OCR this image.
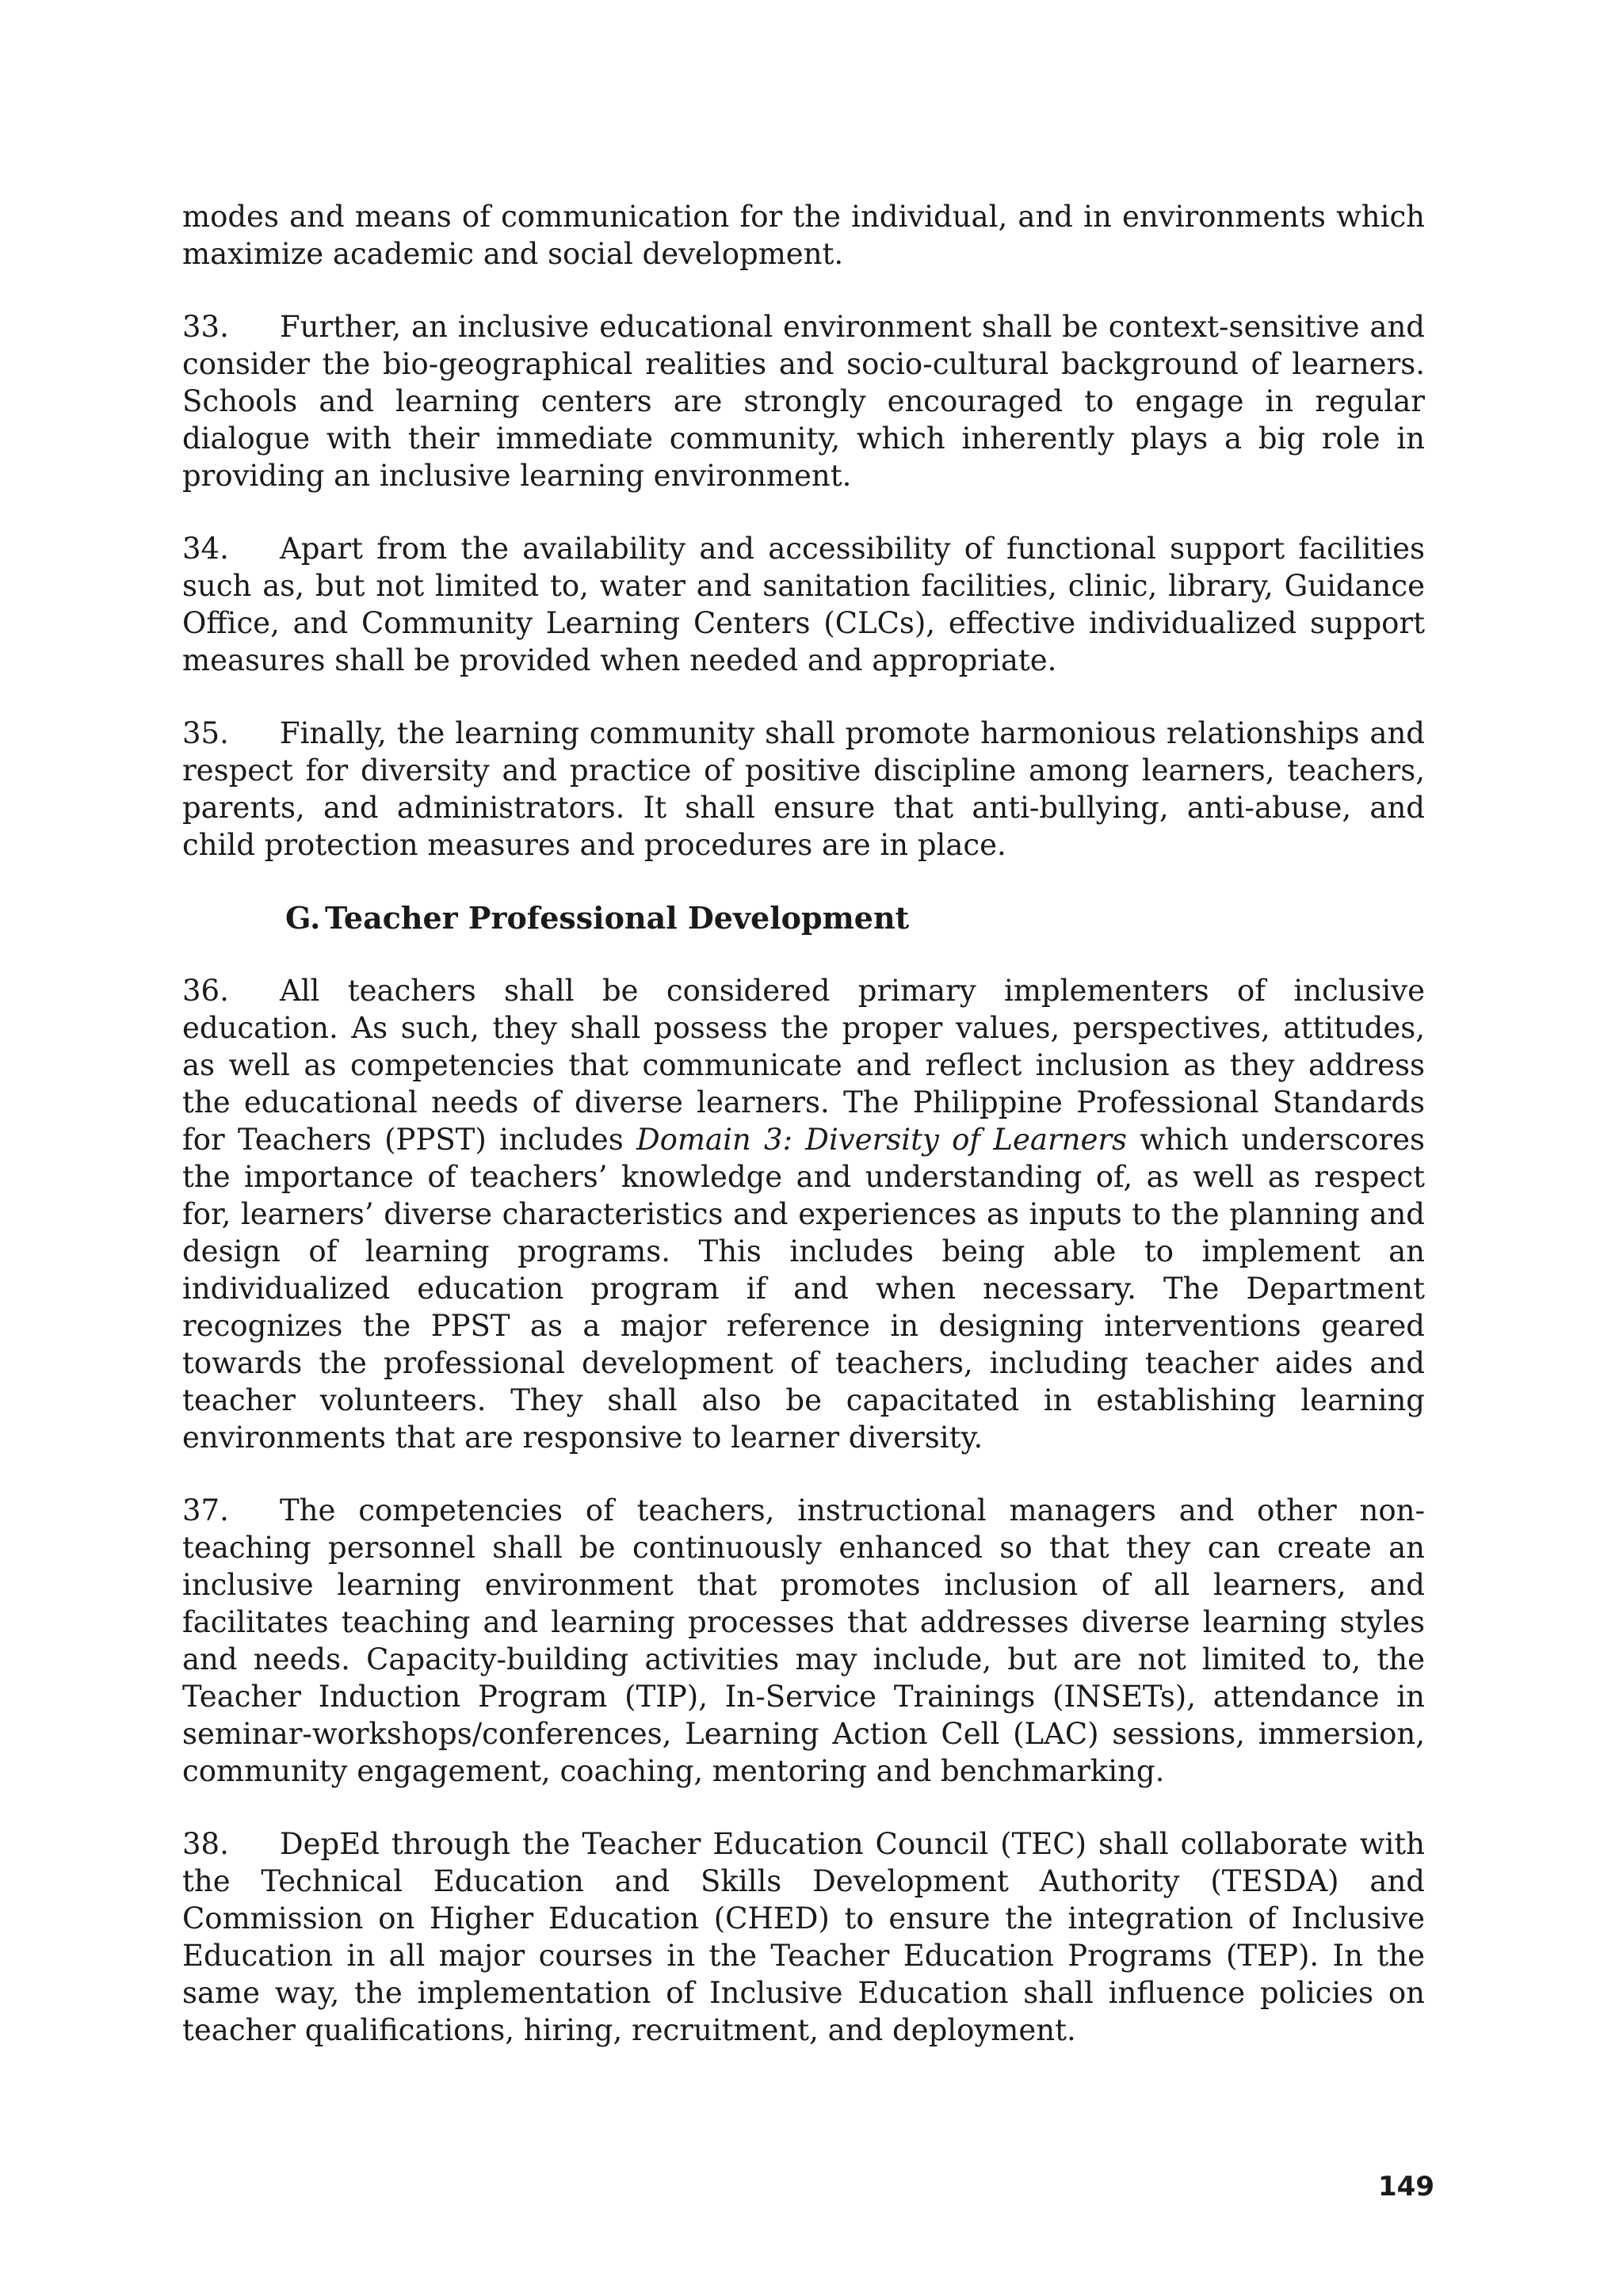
modes and means of communication for the individual, and in environments which maximize academic and social development.

33. Further, an inclusive educational environment shall be context-sensitive and consider the bio-geographical realities and socio-cultural background of learners. Schools and learning centers are strongly encouraged to engage in regular dialogue with their immediate community, which inherently plays a big role in providing an inclusive learning environment.

34. Apart from the availability and accessibility of functional support facilities such as, but not limited to, water and sanitation facilities, clinic, library, Guidance Office, and Community Learning Centers (CLCs), effective individualized support measures shall be provided when needed and appropriate.

35. Finally, the learning community shall promote harmonious relationships and respect for diversity and practice of positive discipline among learners, teachers, parents, and administrators. It shall ensure that anti-bullying, anti-abuse, and child protection measures and procedures are in place.

G. Teacher Professional Development

36. All teachers shall be considered primary implementers of inclusive education. As such, they shall possess the proper values, perspectives, attitudes, as well as competencies that communicate and reflect inclusion as they address the educational needs of diverse learners. The Philippine Professional Standards for Teachers (PPST) includes Domain 3: Diversity of Learners which underscores the importance of teachers’ knowledge and understanding of, as well as respect for, learners’ diverse characteristics and experiences as inputs to the planning and design of learning programs. This includes being able to implement an individualized education program if and when necessary. The Department recognizes the PPST as a major reference in designing interventions geared towards the professional development of teachers, including teacher aides and teacher volunteers. They shall also be capacitated in establishing learning environments that are responsive to learner diversity.

37. The competencies of teachers, instructional managers and other non-teaching personnel shall be continuously enhanced so that they can create an inclusive learning environment that promotes inclusion of all learners, and facilitates teaching and learning processes that addresses diverse learning styles and needs. Capacity-building activities may include, but are not limited to, the Teacher Induction Program (TIP), In-Service Trainings (INSETs), attendance in seminar-workshops/conferences, Learning Action Cell (LAC) sessions, immersion, community engagement, coaching, mentoring and benchmarking.

38. DepEd through the Teacher Education Council (TEC) shall collaborate with the Technical Education and Skills Development Authority (TESDA) and Commission on Higher Education (CHED) to ensure the integration of Inclusive Education in all major courses in the Teacher Education Programs (TEP). In the same way, the implementation of Inclusive Education shall influence policies on teacher qualifications, hiring, recruitment, and deployment.

149
